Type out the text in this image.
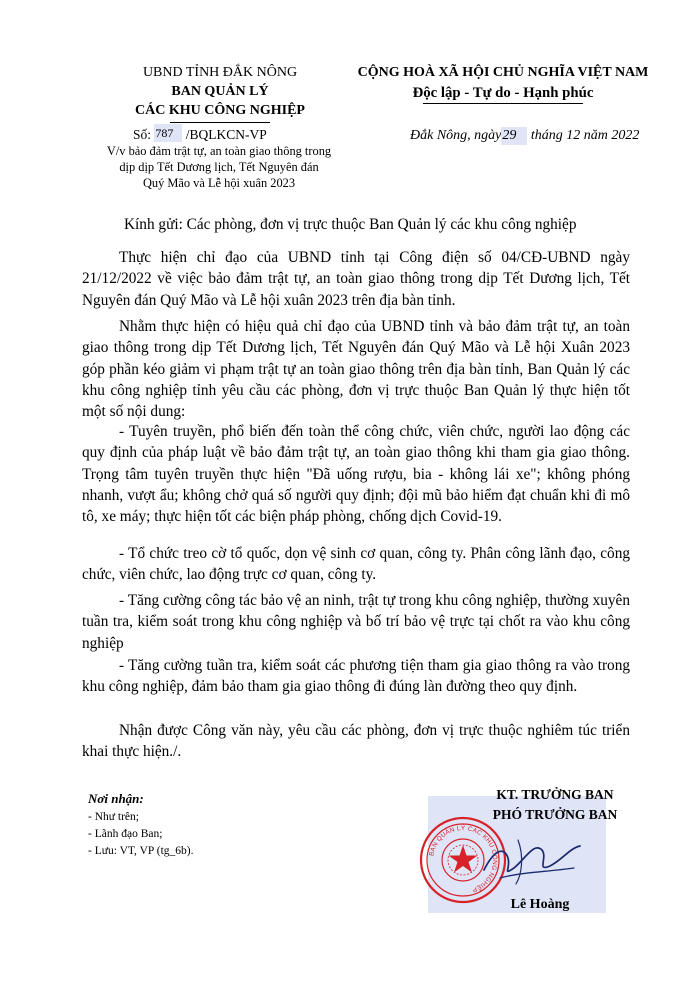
UBND TỈNH ĐẮK NÔNG
BAN QUẢN LÝ
CÁC KHU CÔNG NGHIỆP
Số: 787 /BQLKCN-VP
V/v bảo đảm trật tự, an toàn giao thông trong
dịp dịp Tết Dương lịch, Tết Nguyên đán
Quý Mão và Lễ hội xuân 2023
CỘNG HOÀ XÃ HỘI CHỦ NGHĨA VIỆT NAM
Độc lập - Tự do - Hạnh phúc
Đắk Nông, ngày29 tháng 12 năm 2022
Kính gửi: Các phòng, đơn vị trực thuộc Ban Quản lý các khu công nghiệp
Thực hiện chỉ đạo của UBND tỉnh tại Công điện số 04/CĐ-UBND ngày 21/12/2022 về việc bảo đảm trật tự, an toàn giao thông trong dịp Tết Dương lịch, Tết Nguyên đán Quý Mão và Lễ hội xuân 2023 trên địa bàn tỉnh.
Nhằm thực hiện có hiệu quả chỉ đạo của UBND tỉnh và bảo đảm trật tự, an toàn giao thông trong dịp Tết Dương lịch, Tết Nguyên đán Quý Mão và Lễ hội Xuân 2023 góp phần kéo giảm vi phạm trật tự an toàn giao thông trên địa bàn tỉnh, Ban Quản lý các khu công nghiệp tỉnh yêu cầu các phòng, đơn vị trực thuộc Ban Quản lý thực hiện tốt một số nội dung:
- Tuyên truyền, phổ biến đến toàn thể công chức, viên chức, người lao động các quy định của pháp luật về bảo đảm trật tự, an toàn giao thông khi tham gia giao thông. Trọng tâm tuyên truyền thực hiện "Đã uống rượu, bia - không lái xe"; không phóng nhanh, vượt ẩu; không chở quá số người quy định; đội mũ bảo hiểm đạt chuẩn khi đi mô tô, xe máy; thực hiện tốt các biện pháp phòng, chống dịch Covid-19.
- Tổ chức treo cờ tổ quốc, dọn vệ sinh cơ quan, công ty. Phân công lãnh đạo, công chức, viên chức, lao động trực cơ quan, công ty.
- Tăng cường công tác bảo vệ an ninh, trật tự trong khu công nghiệp, thường xuyên tuần tra, kiểm soát trong khu công nghiệp và bố trí bảo vệ trực tại chốt ra vào khu công nghiệp
- Tăng cường tuần tra, kiểm soát các phương tiện tham gia giao thông ra vào trong khu công nghiệp, đảm bảo tham gia giao thông đi đúng làn đường theo quy định.
Nhận được Công văn này, yêu cầu các phòng, đơn vị trực thuộc nghiêm túc triển khai thực hiện./.
Nơi nhận:
- Như trên;
- Lãnh đạo Ban;
- Lưu: VT, VP (tg_6b).
KT. TRƯỞNG BAN
PHÓ TRƯỞNG BAN
BAN QUẢN LÝ CÁC KHU CÔNG NGHIỆP
Lê Hoàng
